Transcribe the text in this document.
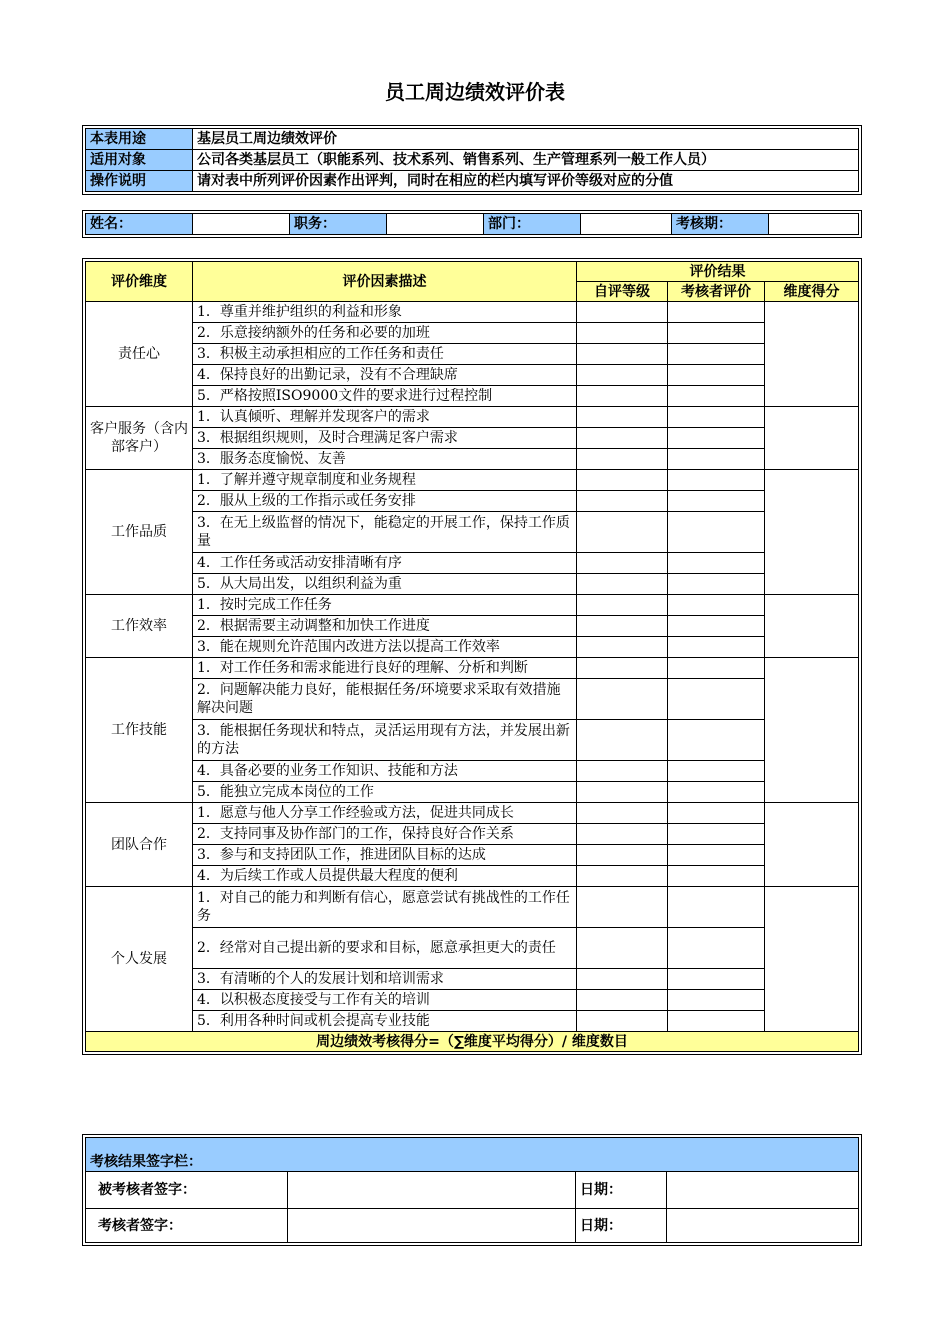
员工周边绩效评价表
本表用途	基层员工周边绩效评价
适用对象	公司各类基层员工（职能系列、技术系列、销售系列、生产管理系列一般工作人员）
操作说明	请对表中所列评价因素作出评判，同时在相应的栏内填写评价等级对应的分值
姓名：		职务：		部门：		考核期：	
评价维度	评价因素描述	评价结果		
		自评等级	考核者评价	维度得分
责任心	1．尊重并维护组织的利益和形象			
	2．乐意接纳额外的任务和必要的加班			
	3．积极主动承担相应的工作任务和责任			
	4．保持良好的出勤记录，没有不合理缺席			
	5．严格按照ISO9000文件的要求进行过程控制			
客户服务（含内部客户）	1．认真倾听、理解并发现客户的需求			
	3．根据组织规则，及时合理满足客户需求			
	3．服务态度愉悦、友善			
工作品质	1．了解并遵守规章制度和业务规程			
	2．服从上级的工作指示或任务安排			
	3．在无上级监督的情况下，能稳定的开展工作，保持工作质量			
	4．工作任务或活动安排清晰有序			
	5．从大局出发，以组织利益为重			
工作效率	1．按时完成工作任务			
	2．根据需要主动调整和加快工作进度			
	3．能在规则允许范围内改进方法以提高工作效率			
工作技能	1．对工作任务和需求能进行良好的理解、分析和判断			
	2．问题解决能力良好，能根据任务/环境要求采取有效措施解决问题			
	3．能根据任务现状和特点，灵活运用现有方法，并发展出新的方法			
	4．具备必要的业务工作知识、技能和方法			
	5．能独立完成本岗位的工作			
团队合作	1．愿意与他人分享工作经验或方法，促进共同成长			
	2．支持同事及协作部门的工作，保持良好合作关系			
	3．参与和支持团队工作，推进团队目标的达成			
	4．为后续工作或人员提供最大程度的便利			
个人发展	1．对自己的能力和判断有信心，愿意尝试有挑战性的工作任务			
	2．经常对自己提出新的要求和目标，愿意承担更大的责任			
	3．有清晰的个人的发展计划和培训需求			
	4．以积极态度接受与工作有关的培训			
	5．利用各种时间或机会提高专业技能			
周边绩效考核得分=（∑维度平均得分）/ 维度数目				
考核结果签字栏：			
被考核者签字：		日期：	
考核者签字：		日期：	
